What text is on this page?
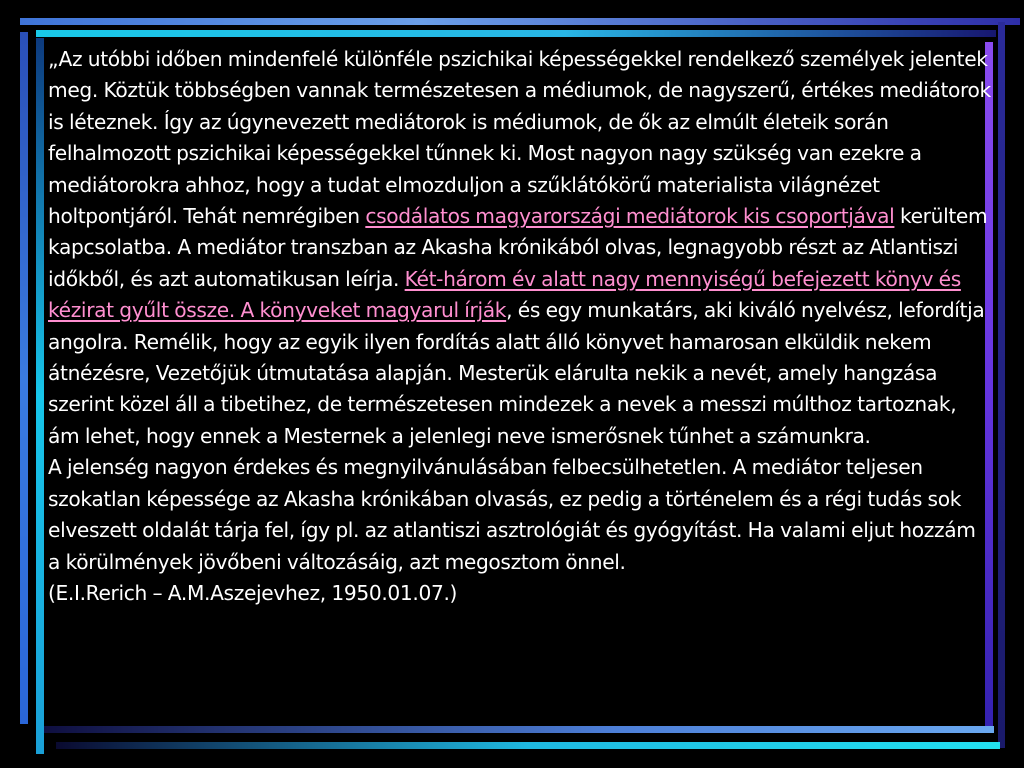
„Az utóbbi időben mindenfelé különféle pszichikai képességekkel rendelkező személyek jelentek meg. Köztük többségben vannak természetesen a médiumok, de nagyszerű, értékes mediátorok is léteznek. Így az úgynevezett mediátorok is médiumok, de ők az elmúlt életeik során felhalmozott pszichikai képességekkel tűnnek ki. Most nagyon nagy szükség van ezekre a mediátorokra ahhoz, hogy a tudat elmozduljon a szűklátókörű materialista világnézet holtpontjáról. Tehát nemrégiben csodálatos magyarországi mediátorok kis csoportjával kerültem kapcsolatba. A mediátor transzban az Akasha krónikából olvas, legnagyobb részt az Atlantiszi időkből, és azt automatikusan leírja. Két-három év alatt nagy mennyiségű befejezett könyv és kézirat gyűlt össze. A könyveket magyarul írják, és egy munkatárs, aki kiváló nyelvész, lefordítja angolra. Remélik, hogy az egyik ilyen fordítás alatt álló könyvet hamarosan elküldik nekem átnézésre, Vezetőjük útmutatása alapján. Mesterük elárulta nekik a nevét, amely hangzása szerint közel áll a tibetihez, de természetesen mindezek a nevek a messzi múlthoz tartoznak, ám lehet, hogy ennek a Mesternek a jelenlegi neve ismerősnek tűnhet a számunkra.

A jelenség nagyon érdekes és megnyilvánulásában felbecsülhetetlen. A mediátor teljesen szokatlan képessége az Akasha krónikában olvasás, ez pedig a történelem és a régi tudás sok elveszett oldalát tárja fel, így pl. az atlantiszi asztrológiát és gyógyítást. Ha valami eljut hozzám a körülmények jövőbeni változásáig, azt megosztom önnel.

(E.I.Rerich – A.M.Aszejevhez, 1950.01.07.)
